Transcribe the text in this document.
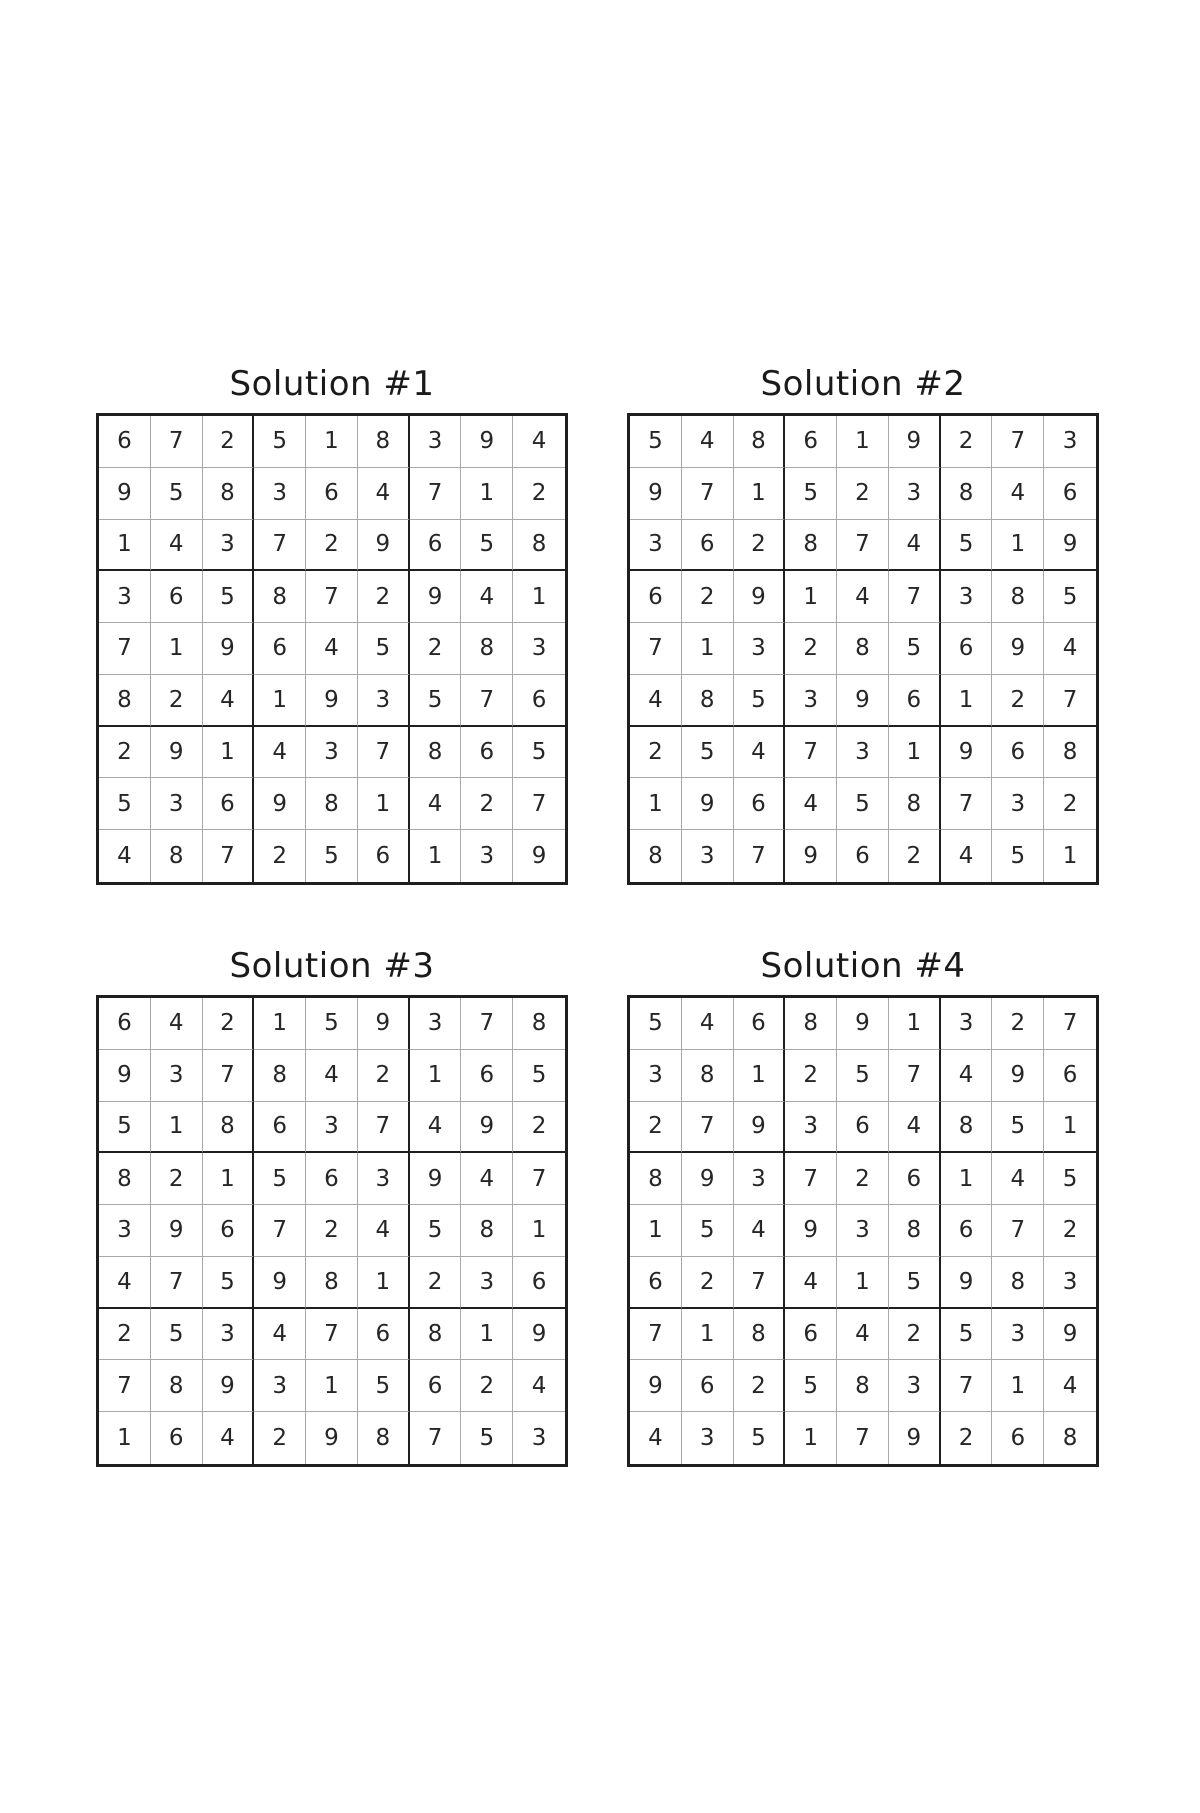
Solution #1
6	7	2	5	1	8	3	9	4
9	5	8	3	6	4	7	1	2
1	4	3	7	2	9	6	5	8
3	6	5	8	7	2	9	4	1
7	1	9	6	4	5	2	8	3
8	2	4	1	9	3	5	7	6
2	9	1	4	3	7	8	6	5
5	3	6	9	8	1	4	2	7
4	8	7	2	5	6	1	3	9
Solution #2
5	4	8	6	1	9	2	7	3
9	7	1	5	2	3	8	4	6
3	6	2	8	7	4	5	1	9
6	2	9	1	4	7	3	8	5
7	1	3	2	8	5	6	9	4
4	8	5	3	9	6	1	2	7
2	5	4	7	3	1	9	6	8
1	9	6	4	5	8	7	3	2
8	3	7	9	6	2	4	5	1
Solution #3
6	4	2	1	5	9	3	7	8
9	3	7	8	4	2	1	6	5
5	1	8	6	3	7	4	9	2
8	2	1	5	6	3	9	4	7
3	9	6	7	2	4	5	8	1
4	7	5	9	8	1	2	3	6
2	5	3	4	7	6	8	1	9
7	8	9	3	1	5	6	2	4
1	6	4	2	9	8	7	5	3
Solution #4
5	4	6	8	9	1	3	2	7
3	8	1	2	5	7	4	9	6
2	7	9	3	6	4	8	5	1
8	9	3	7	2	6	1	4	5
1	5	4	9	3	8	6	7	2
6	2	7	4	1	5	9	8	3
7	1	8	6	4	2	5	3	9
9	6	2	5	8	3	7	1	4
4	3	5	1	7	9	2	6	8
